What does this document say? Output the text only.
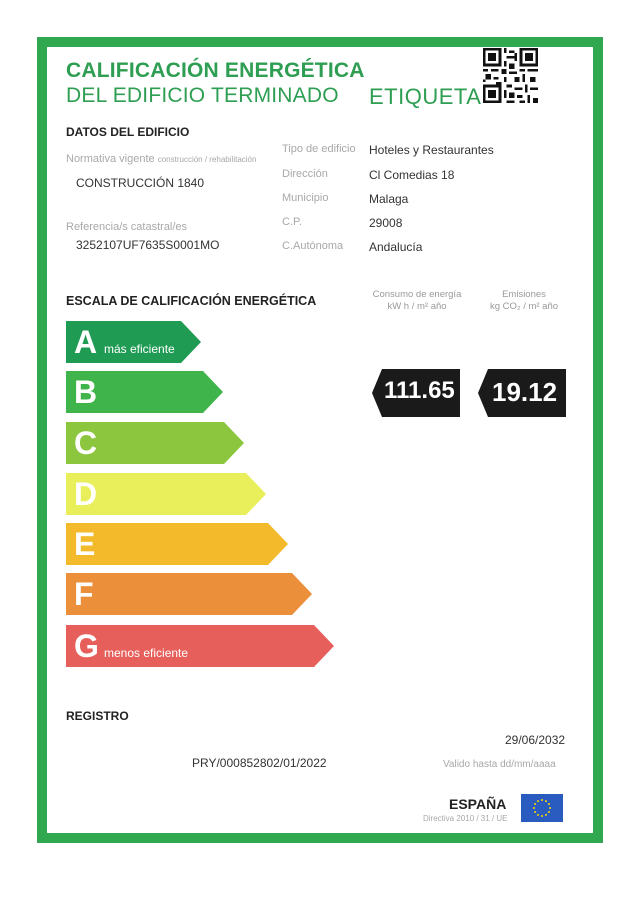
CALIFICACIÓN ENERGÉTICA
DEL EDIFICIO TERMINADO ETIQUETA
DATOS DEL EDIFICIO
Normativa vigente construcción / rehabilitación
CONSTRUCCIÓN 1840
Referencia/s catastral/es
3252107UF7635S0001MO
Tipo de edificio Hoteles y Restaurantes
Dirección	Cl Comedias 18
Municipio	Malaga
C.P.	29008
C.Autónoma Andalucía
ESCALA DE CALIFICACIÓN ENERGÉTICA	Consumo de energía
kW h / m² año
Emisiones
kg CO₂ / m² año
A más eficiente
B
C
D
E
F
G menos eficiente
111.65 19.12
REGISTRO
PRY/000852802/01/2022
29/06/2032
Valido hasta dd/mm/aaaa
ESPAÑA
Directiva 2010 / 31 / UE
